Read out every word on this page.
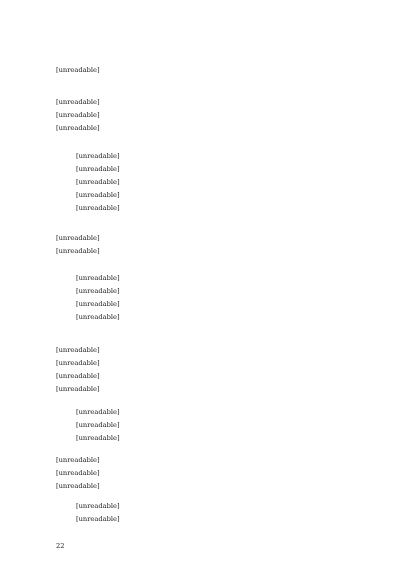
[unreadable]
[unreadable]
[unreadable]
[unreadable]
[unreadable]
[unreadable]
[unreadable]
[unreadable]
[unreadable]
[unreadable]
[unreadable]
[unreadable]
[unreadable]
[unreadable]
[unreadable]
[unreadable]
[unreadable]
[unreadable]
[unreadable]
[unreadable]
[unreadable]
[unreadable]
[unreadable]
[unreadable]
[unreadable]
[unreadable]
[unreadable]
22
